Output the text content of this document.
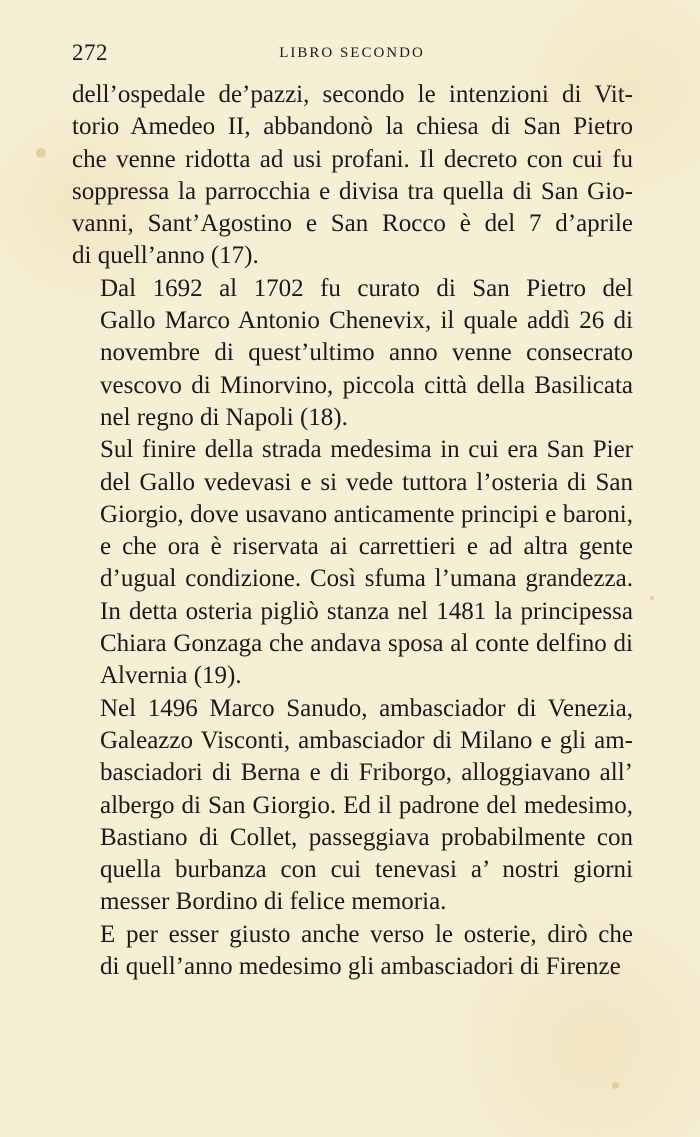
272	LIBRO SECONDO
dell’ospedale de’pazzi, secondo le intenzioni di Vit-
torio Amedeo II, abbandonò la chiesa di San Pietro
che venne ridotta ad usi profani. Il decreto con cui fu
soppressa la parrocchia e divisa tra quella di San Gio-
vanni, Sant’Agostino e San Rocco è del 7 d’aprile
di quell’anno (17).
Dal 1692 al 1702 fu curato di San Pietro del
Gallo Marco Antonio Chenevix, il quale addì 26 di
novembre di quest’ultimo anno venne consecrato
vescovo di Minorvino, piccola città della Basilicata
nel regno di Napoli (18).
Sul finire della strada medesima in cui era San Pier
del Gallo vedevasi e si vede tuttora l’osteria di San
Giorgio, dove usavano anticamente principi e baroni,
e che ora è riservata ai carrettieri e ad altra gente
d’ugual condizione. Così sfuma l’umana grandezza.
In detta osteria pigliò stanza nel 1481 la principessa
Chiara Gonzaga che andava sposa al conte delfino di
Alvernia (19).
Nel 1496 Marco Sanudo, ambasciador di Venezia,
Galeazzo Visconti, ambasciador di Milano e gli am-
basciadori di Berna e di Friborgo, alloggiavano all’
albergo di San Giorgio. Ed il padrone del medesimo,
Bastiano di Collet, passeggiava probabilmente con
quella burbanza con cui tenevasi a’ nostri giorni
messer Bordino di felice memoria.
E per esser giusto anche verso le osterie, dirò che
di quell’anno medesimo gli ambasciadori di Firenze
